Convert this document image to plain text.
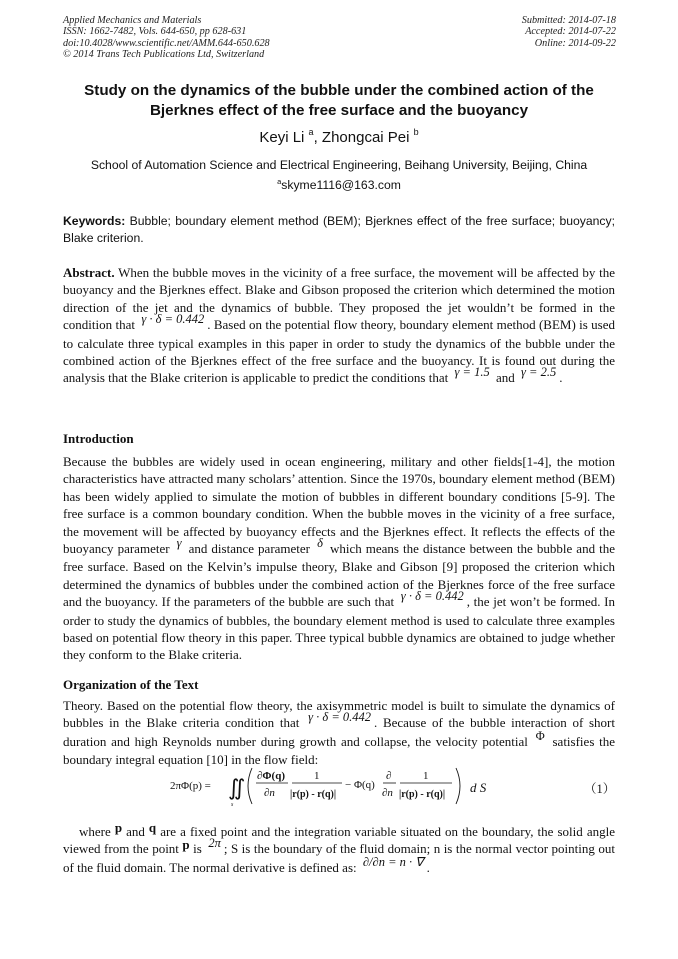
Applied Mechanics and Materials
ISSN: 1662-7482, Vols. 644-650, pp 628-631
doi:10.4028/www.scientific.net/AMM.644-650.628
© 2014 Trans Tech Publications Ltd, Switzerland
Submitted: 2014-07-18
Accepted: 2014-07-22
Online: 2014-09-22
Study on the dynamics of the bubble under the combined action of the
Bjerknes effect of the free surface and the buoyancy
Keyi Li $^a$, Zhongcai Pei $^b$
School of Automation Science and Electrical Engineering, Beihang University, Beijing, China
$^a$skyme1116@163.com
Keywords: Bubble; boundary element method (BEM); Bjerknes effect of the free surface; buoyancy; Blake criterion.
Abstract. When the bubble moves in the vicinity of a free surface, the movement will be affected by the buoyancy and the Bjerknes effect. Blake and Gibson proposed the criterion which determined the motion direction of the jet and the dynamics of bubble. They proposed the jet wouldn’t be formed in the condition that γ · δ = 0.442 . Based on the potential flow theory, boundary element method (BEM) is used to calculate three typical examples in this paper in order to study the dynamics of the bubble under the combined action of the Bjerknes effect of the free surface and the buoyancy. It is found out during the analysis that the Blake criterion is applicable to predict the conditions that γ = 1.5 and γ = 2.5 .
Introduction
Because the bubbles are widely used in ocean engineering, military and other fields[1-4], the motion characteristics have attracted many scholars’ attention. Since the 1970s, boundary element method (BEM) has been widely applied to simulate the motion of bubbles in different boundary conditions [5-9]. The free surface is a common boundary condition. When the bubble moves in the vicinity of a free surface, the movement will be affected by buoyancy effects and the Bjerknes effect. It reflects the effects of the buoyancy parameter γ and distance parameter δ which means the distance between the bubble and the free surface. Based on the Kelvin’s impulse theory, Blake and Gibson [9] proposed the criterion which determined the dynamics of bubbles under the combined action of the Bjerknes force of the free surface and the buoyancy. If the parameters of the bubble are such that γ · δ = 0.442 , the jet won’t be formed. In order to study the dynamics of bubbles, the boundary element method is used to calculate three examples based on potential flow theory in this paper. Three typical bubble dynamics are obtained to judge whether they conform to the Blake criteria.
Organization of the Text
Theory. Based on the potential flow theory, the axisymmetric model is built to simulate the dynamics of bubbles in the Blake criteria condition that γ · δ = 0.442 . Because of the bubble interaction of short duration and high Reynolds number during growth and collapse, the velocity potential Φ satisfies the boundary integral equation [10] in the flow field:
2πΦ(p) = ∬
s
∂Φ(q)
∂n
1
|r(p) - r(q)|
− Φ(q)
∂
∂n
1
|r(p) - r(q)| d S	（1）
where p and q are a fixed point and the integration variable situated on the boundary, the solid angle viewed from the point p is 2π ; S is the boundary of the fluid domain; n is the normal vector pointing out of the fluid domain. The normal derivative is defined as: ∂/∂n = n · ∇ .
